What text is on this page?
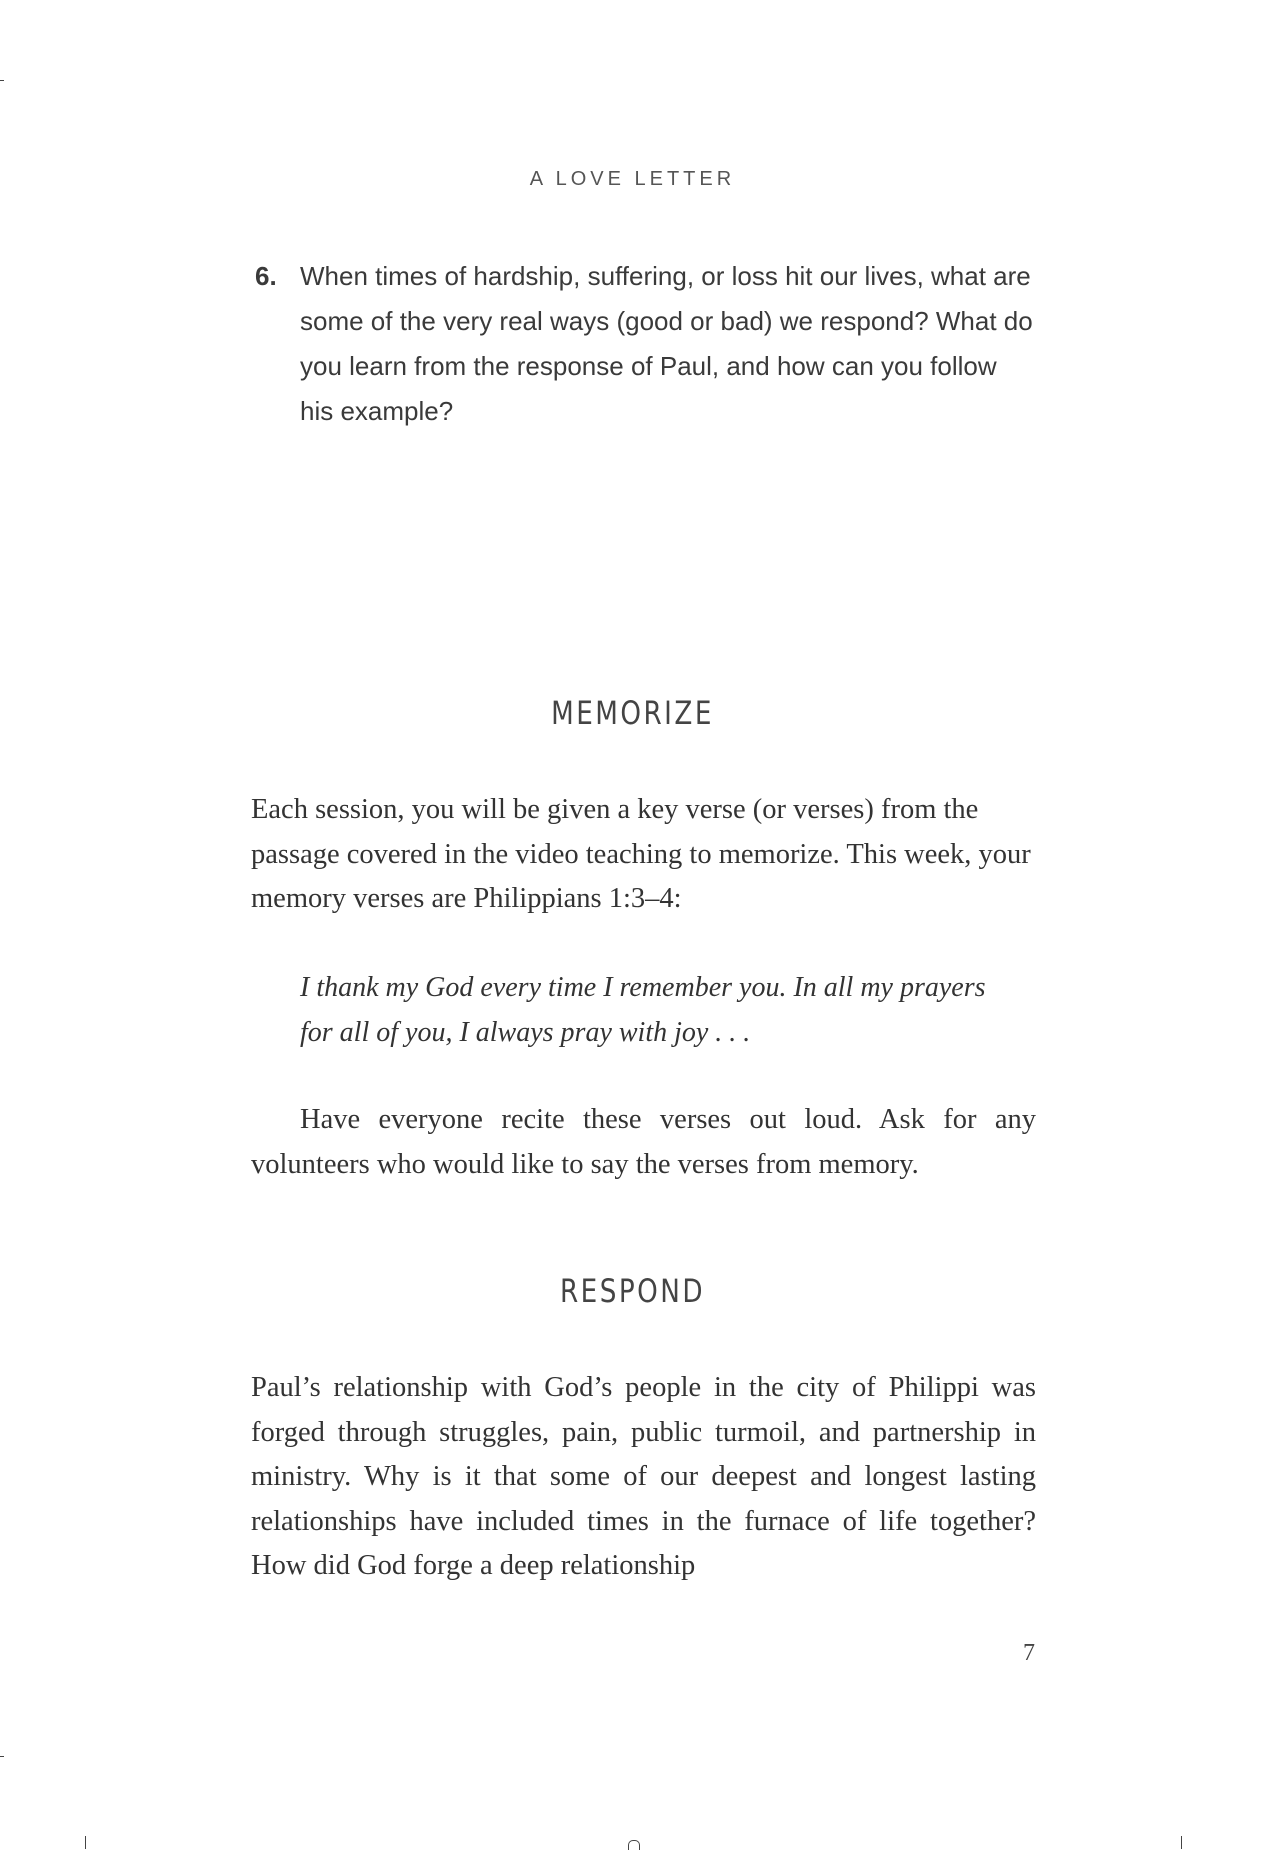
A LOVE LETTER
6. When times of hardship, suffering, or loss hit our lives, what are some of the very real ways (good or bad) we respond? What do you learn from the response of Paul, and how can you follow his example?
MEMORIZE
Each session, you will be given a key verse (or verses) from the passage covered in the video teaching to memorize. This week, your memory verses are Philippians 1:3–4:
I thank my God every time I remember you. In all my prayers
for all of you, I always pray with joy . . .
Have everyone recite these verses out loud. Ask for any volunteers who would like to say the verses from memory.
RESPOND
Paul’s relationship with God’s people in the city of Philippi was forged through struggles, pain, public turmoil, and partnership in ministry. Why is it that some of our deepest and longest lasting relationships have included times in the furnace of life together? How did God forge a deep relationship
7
